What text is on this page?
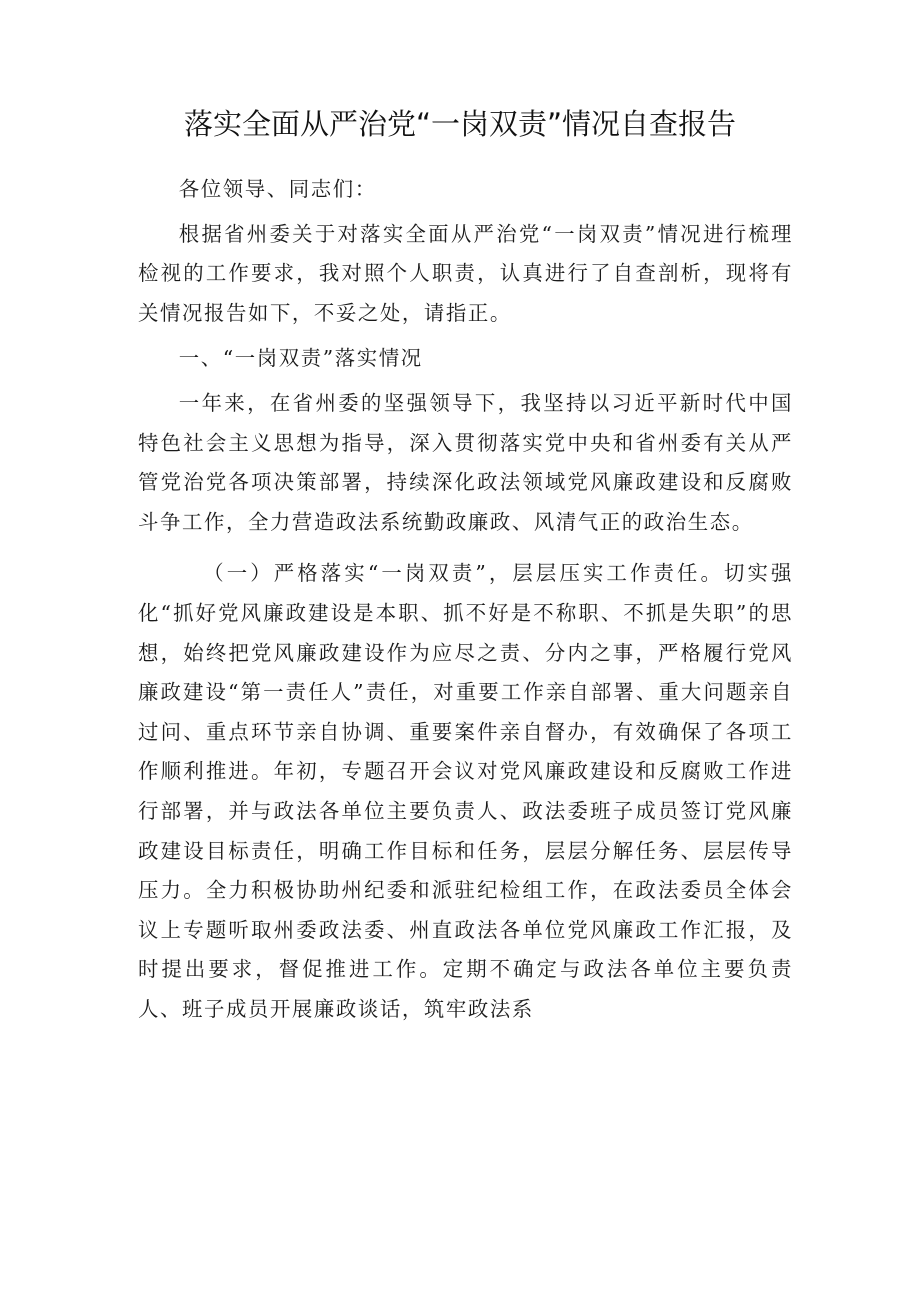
落实全面从严治党“一岗双责”情况自查报告

各位领导、同志们：

根据省州委关于对落实全面从严治党“一岗双责”情况进行梳理检视的工作要求，我对照个人职责，认真进行了自查剖析，现将有关情况报告如下，不妥之处，请指正。

一、“一岗双责”落实情况

一年来，在省州委的坚强领导下，我坚持以习近平新时代中国特色社会主义思想为指导，深入贯彻落实党中央和省州委有关从严管党治党各项决策部署，持续深化政法领域党风廉政建设和反腐败斗争工作，全力营造政法系统勤政廉政、风清气正的政治生态。

（一）严格落实“一岗双责”，层层压实工作责任。切实强化“抓好党风廉政建设是本职、抓不好是不称职、不抓是失职”的思想，始终把党风廉政建设作为应尽之责、分内之事，严格履行党风廉政建设“第一责任人”责任，对重要工作亲自部署、重大问题亲自过问、重点环节亲自协调、重要案件亲自督办，有效确保了各项工作顺利推进。年初，专题召开会议对党风廉政建设和反腐败工作进行部署，并与政法各单位主要负责人、政法委班子成员签订党风廉政建设目标责任，明确工作目标和任务，层层分解任务、层层传导压力。全力积极协助州纪委和派驻纪检组工作，在政法委员全体会议上专题听取州委政法委、州直政法各单位党风廉政工作汇报，及时提出要求，督促推进工作。定期不确定与政法各单位主要负责人、班子成员开展廉政谈话，筑牢政法系
